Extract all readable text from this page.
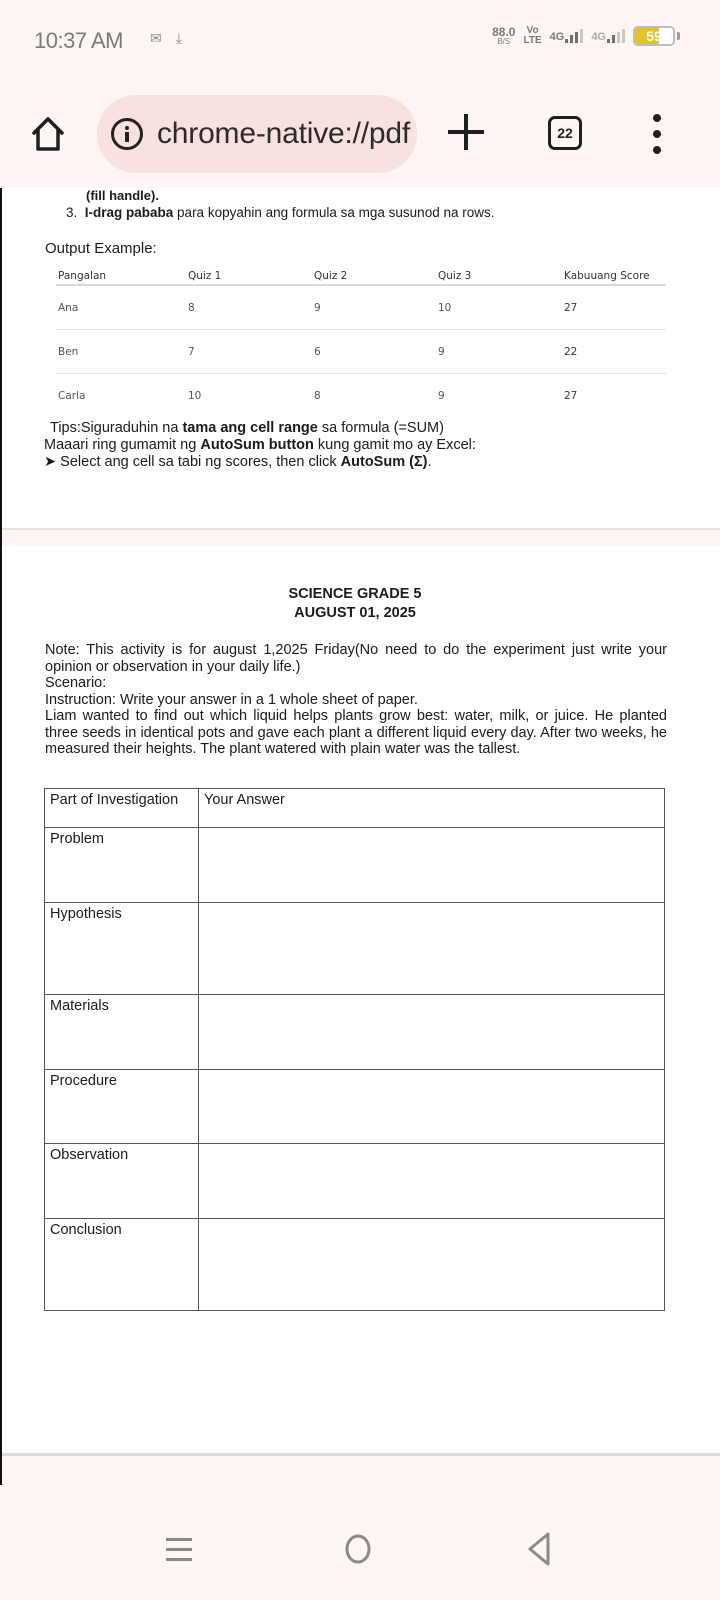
10:37 AM ✉ ⤓	88.0
B/S
Vo
LTE 4G 4G	59
chrome-native://pdf	22
(fill handle).
3. I-drag pababa para kopyahin ang formula sa mga susunod na rows.
Output Example:
Pangalan	Quiz 1	Quiz 2	Quiz 3	Kabuuang Score
Ana	8	9	10	27
Ben	7	6	9	22
Carla	10	8	9	27
Tips:Siguraduhin na tama ang cell range sa formula (=SUM)
Maaari ring gumamit ng AutoSum button kung gamit mo ay Excel:
➤ Select ang cell sa tabi ng scores, then click AutoSum (Σ).
SCIENCE GRADE 5
AUGUST 01, 2025

Note: This activity is for august 1,2025 Friday(No need to do the experiment just write your opinion or observation in your daily life.)

Scenario:

Instruction: Write your answer in a 1 whole sheet of paper.

Liam wanted to find out which liquid helps plants grow best: water, milk, or juice. He planted three seeds in identical pots and gave each plant a different liquid every day. After two weeks, he measured their heights. The plant watered with plain water was the tallest.

Part of Investigation	Your Answer
Problem	
Hypothesis	
Materials	
Procedure	
Observation	
Conclusion	
